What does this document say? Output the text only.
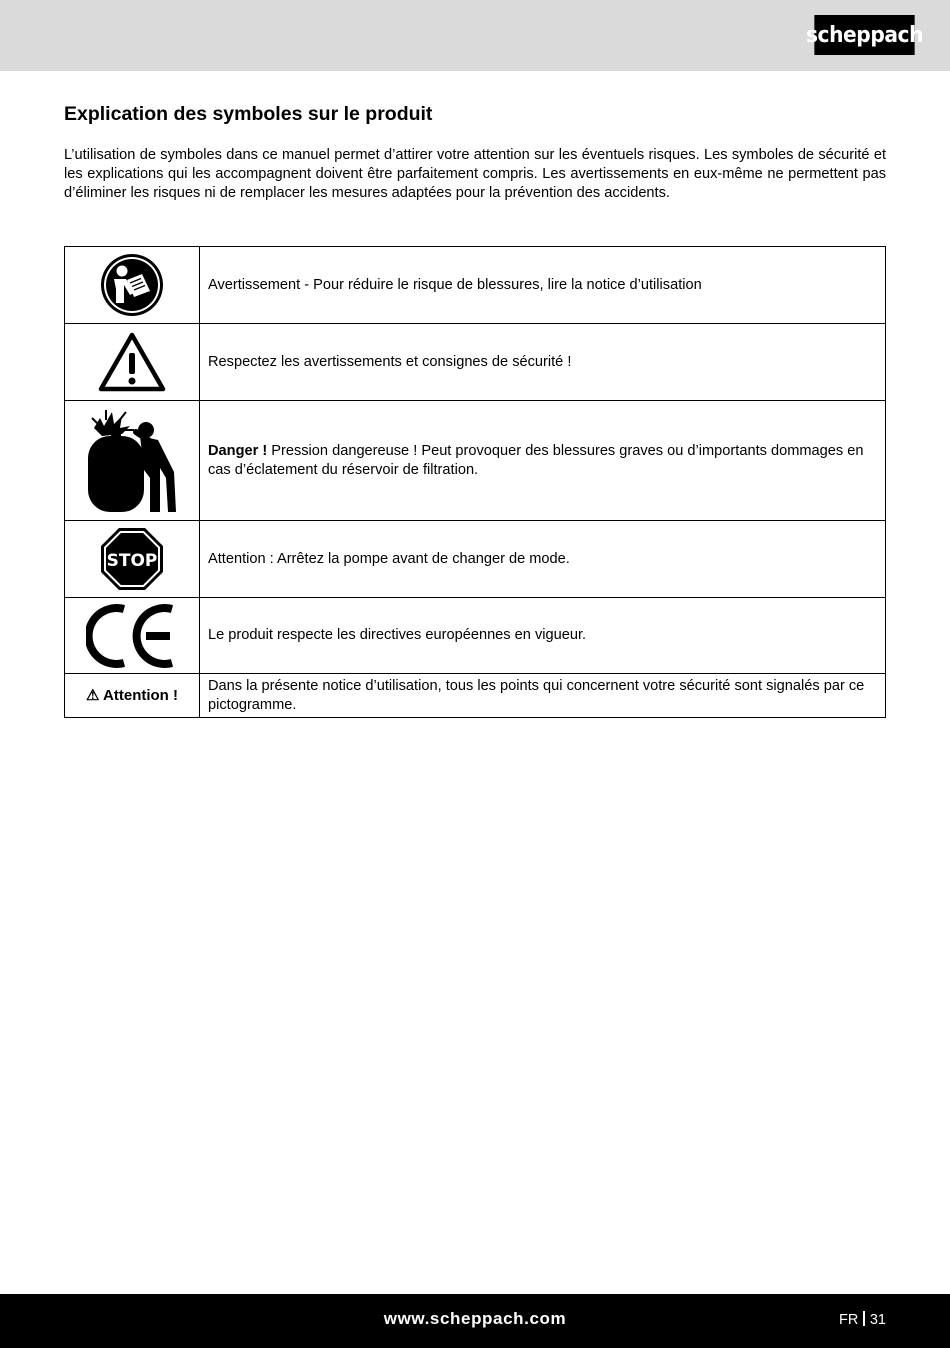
scheppach
Explication des symboles sur le produit

L’utilisation de symboles dans ce manuel permet d’attirer votre attention sur les éventuels risques. Les symboles de sécurité et les explications qui les accompagnent doivent être parfaitement compris. Les avertissements en eux-même ne permettent pas d’éliminer les risques ni de remplacer les mesures adaptées pour la prévention des accidents.

	Avertissement - Pour réduire le risque de blessures, lire la notice d’utilisation

	Respectez les avertissements et consignes de sécurité !

	Danger ! Pression dangereuse ! Peut provoquer des blessures graves ou d’importants dommages en cas d’éclatement du réservoir de filtration.

STOP	Attention : Arrêtez la pompe avant de changer de mode.

	Le produit respecte les directives européennes en vigueur.
⚠ Attention !	Dans la présente notice d’utilisation, tous les points qui concernent votre sécurité sont signalés par ce pictogramme.
www.scheppach.com	FR 31
